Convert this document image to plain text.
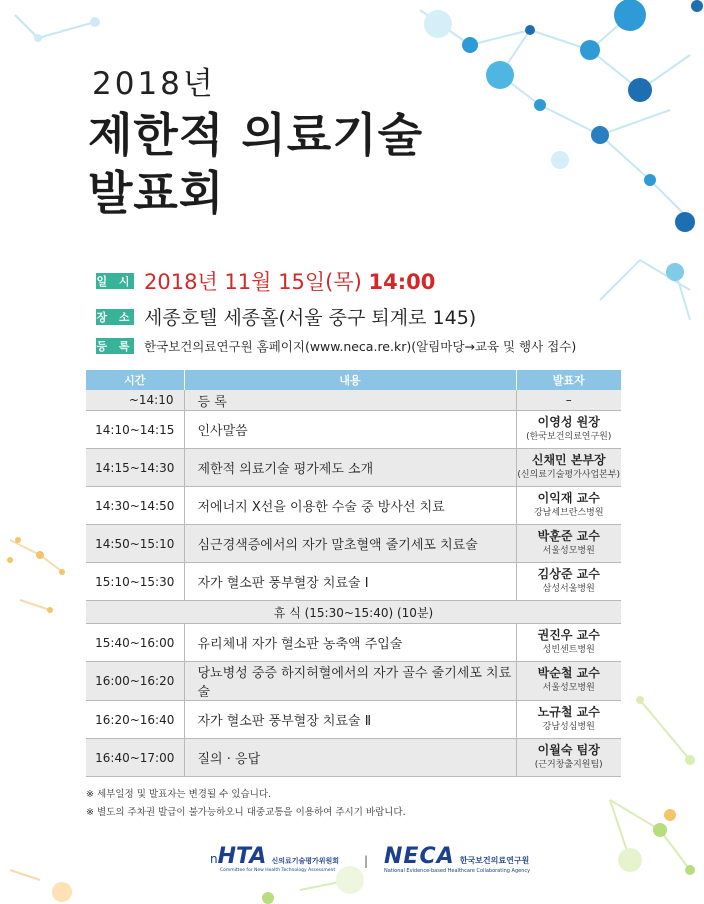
2018년
제한적 의료기술
발표회
일 시 2018년 11월 15일(목) 14:00
장 소 세종호텔 세종홀(서울 중구 퇴계로 145)
등 록 한국보건의료연구원 홈페이지(www.neca.re.kr)(알림마당→교육 및 행사 접수)
시간	내용	발표자
~14:10	등 록	–

14:10~14:15	인사말씀	이영성 원장
(한국보건의료연구원)

14:15~14:30	제한적 의료기술 평가제도 소개	신채민 본부장
(신의료기술평가사업본부)

14:30~14:50	저에너지 X선을 이용한 수술 중 방사선 치료	이익재 교수
강남세브란스병원

14:50~15:10	심근경색증에서의 자가 말초혈액 줄기세포 치료술	박훈준 교수
서울성모병원

15:10~15:30	자가 혈소판 풍부혈장 치료술 Ⅰ	김상준 교수
삼성서울병원

휴 식 (15:30~15:40) (10분)		
15:40~16:00	유리체내 자가 혈소판 농축액 주입술	권진우 교수
성빈센트병원

16:00~16:20	당뇨병성 중증 하지허혈에서의 자가 골수 줄기세포 치료술	박순철 교수
서울성모병원

16:20~16:40	자가 혈소판 풍부혈장 치료술 Ⅱ	노규철 교수
강남성심병원

16:40~17:00	질의 · 응답	이월숙 팀장
(근거창출지원팀)
※ 세부일정 및 발표자는 변경될 수 있습니다.
※ 별도의 주차권 발급이 불가능하오니 대중교통을 이용하여 주시기 바랍니다.
nHTA 신의료기술평가위원회
Committee for New Health Technology Assessment
| NECA 한국보건의료연구원
National Evidence-based Healthcare Collaborating Agency
